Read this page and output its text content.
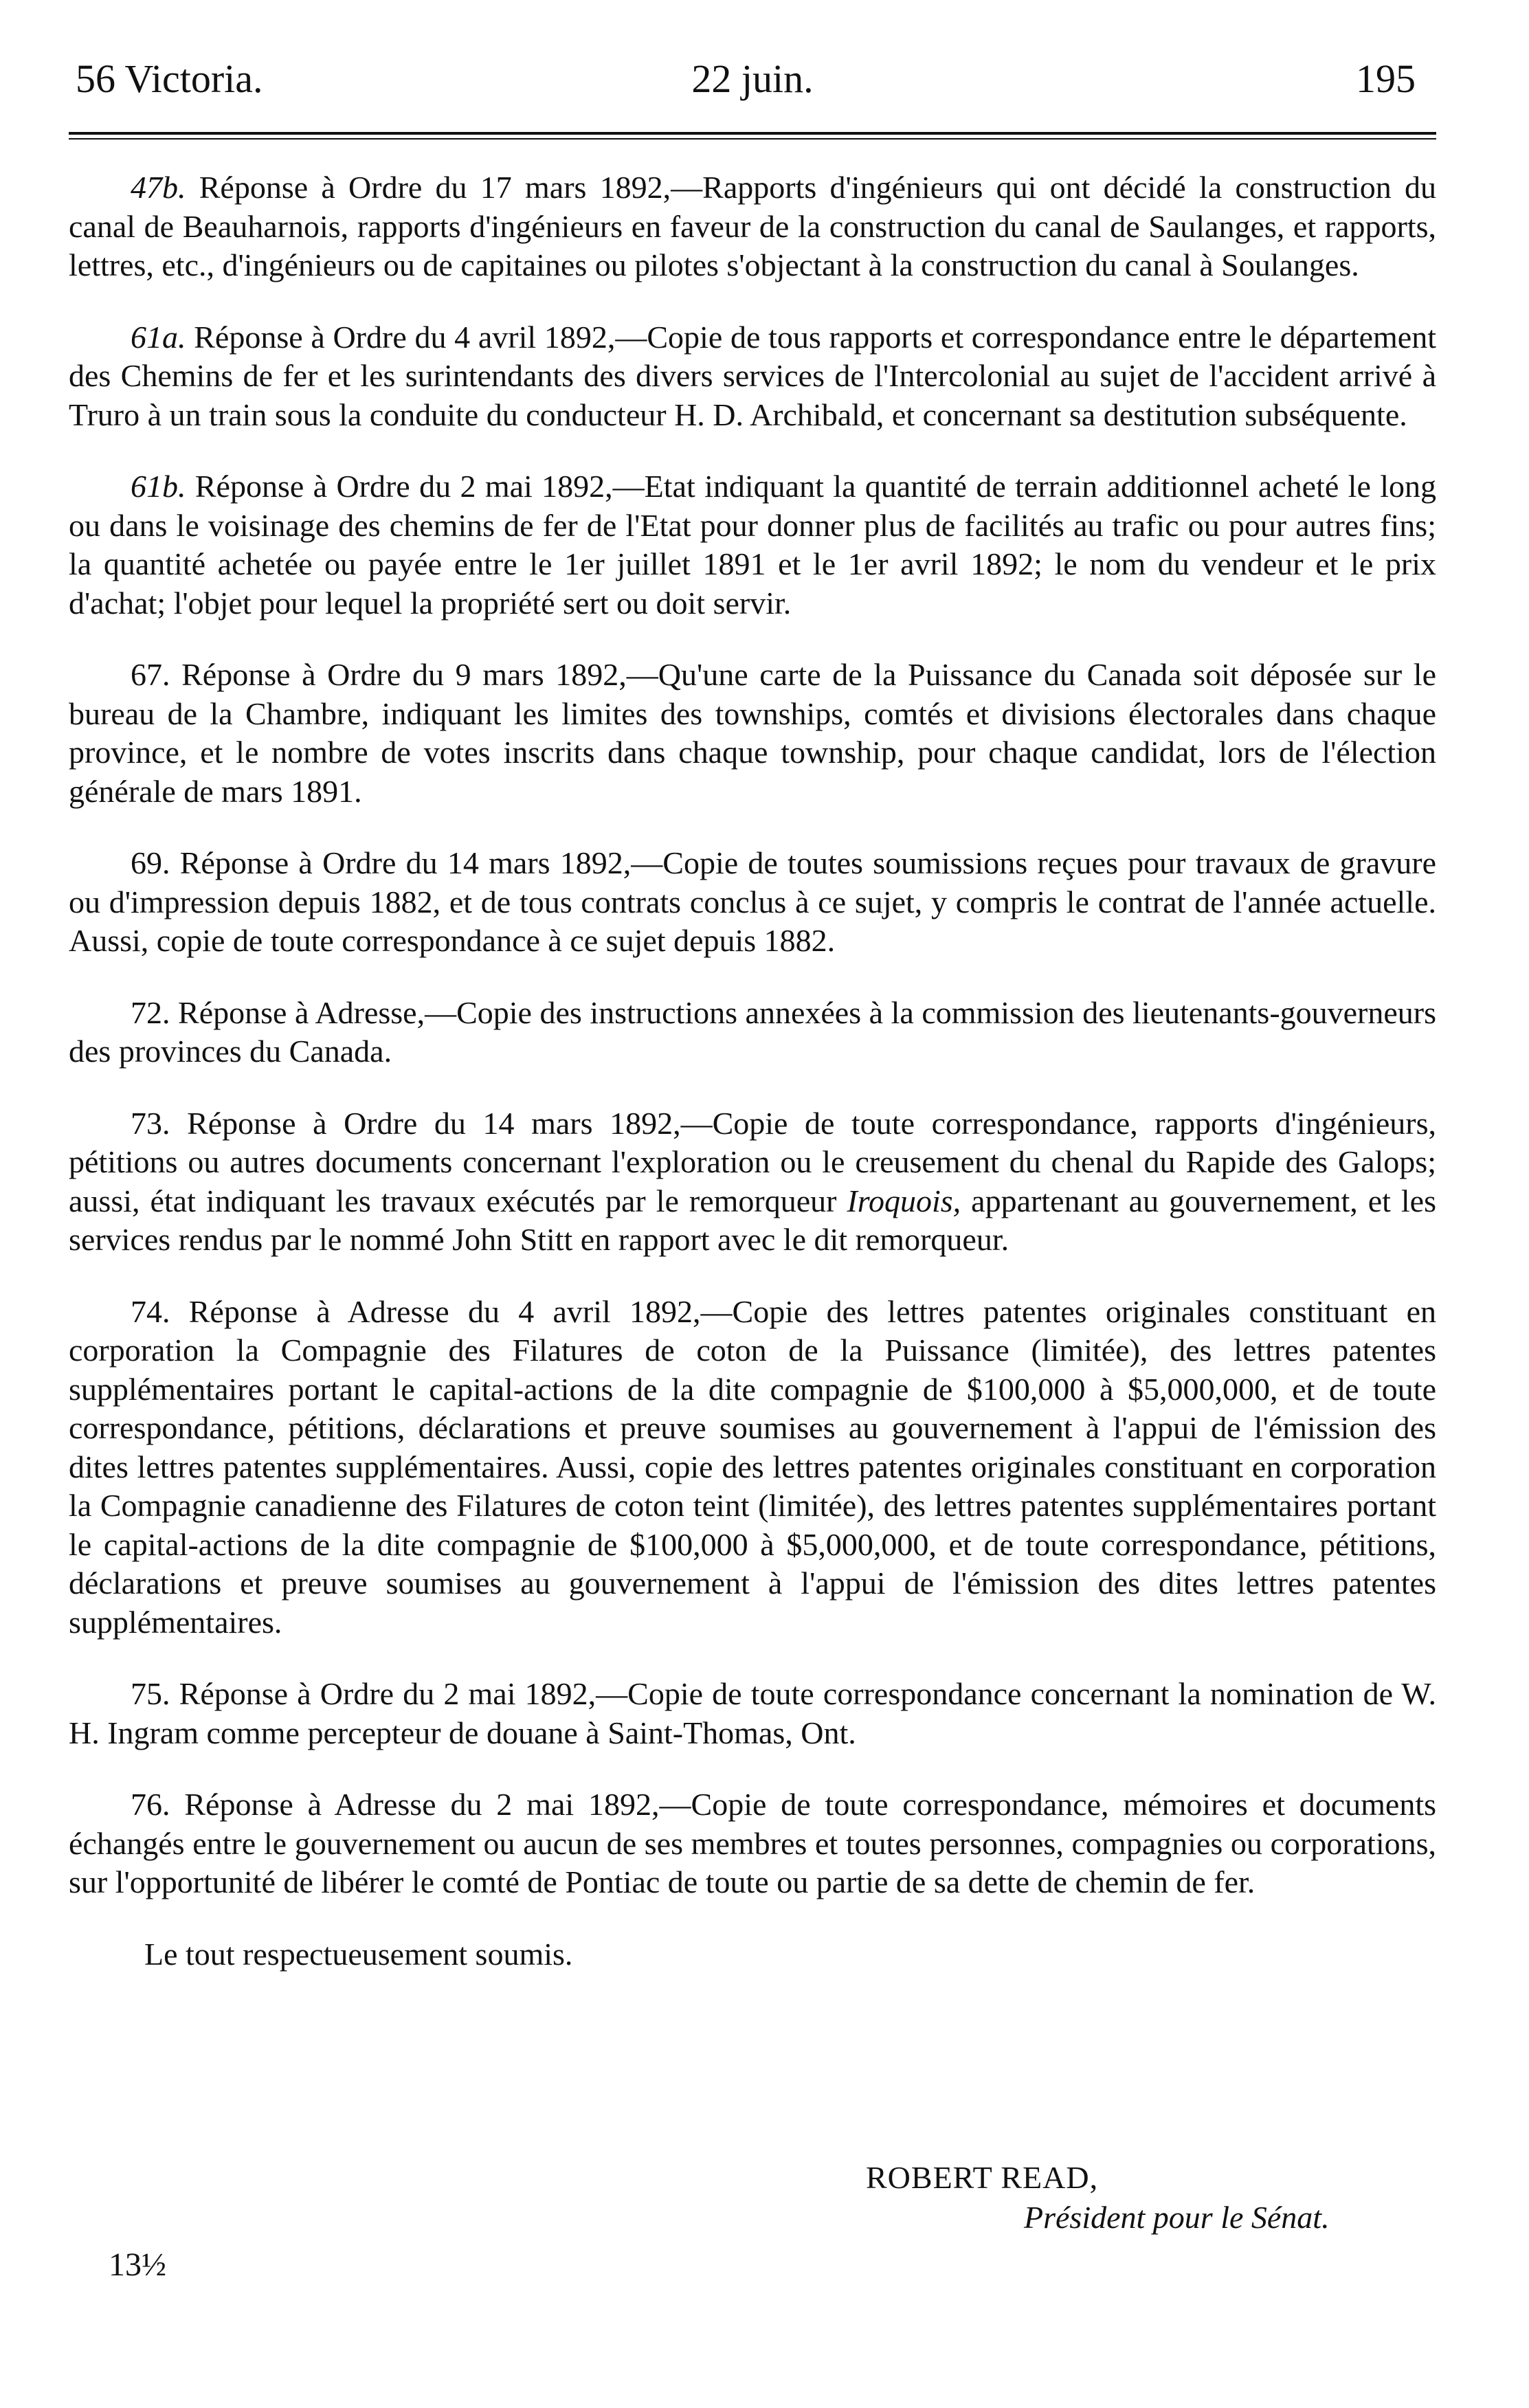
56 Victoria.	22 juin.	195

47b. Réponse à Ordre du 17 mars 1892,—Rapports d'ingénieurs qui ont décidé la construction du canal de Beauharnois, rapports d'ingénieurs en faveur de la construction du canal de Saulanges, et rapports, lettres, etc., d'ingénieurs ou de capitaines ou pilotes s'objectant à la construction du canal à Soulanges.

61a. Réponse à Ordre du 4 avril 1892,—Copie de tous rapports et correspondance entre le département des Chemins de fer et les surintendants des divers services de l'Intercolonial au sujet de l'accident arrivé à Truro à un train sous la conduite du conducteur H. D. Archibald, et concernant sa destitution subséquente.

61b. Réponse à Ordre du 2 mai 1892,—Etat indiquant la quantité de terrain additionnel acheté le long ou dans le voisinage des chemins de fer de l'Etat pour donner plus de facilités au trafic ou pour autres fins; la quantité achetée ou payée entre le 1er juillet 1891 et le 1er avril 1892; le nom du vendeur et le prix d'achat; l'objet pour lequel la propriété sert ou doit servir.

67. Réponse à Ordre du 9 mars 1892,—Qu'une carte de la Puissance du Canada soit déposée sur le bureau de la Chambre, indiquant les limites des townships, comtés et divisions électorales dans chaque province, et le nombre de votes inscrits dans chaque township, pour chaque candidat, lors de l'élection générale de mars 1891.

69. Réponse à Ordre du 14 mars 1892,—Copie de toutes soumissions reçues pour travaux de gravure ou d'impression depuis 1882, et de tous contrats conclus à ce sujet, y compris le contrat de l'année actuelle. Aussi, copie de toute correspondance à ce sujet depuis 1882.

72. Réponse à Adresse,—Copie des instructions annexées à la commission des lieutenants-gouverneurs des provinces du Canada.

73. Réponse à Ordre du 14 mars 1892,—Copie de toute correspondance, rapports d'ingénieurs, pétitions ou autres documents concernant l'exploration ou le creusement du chenal du Rapide des Galops; aussi, état indiquant les travaux exécutés par le remorqueur Iroquois, appartenant au gouvernement, et les services rendus par le nommé John Stitt en rapport avec le dit remorqueur.

74. Réponse à Adresse du 4 avril 1892,—Copie des lettres patentes originales constituant en corporation la Compagnie des Filatures de coton de la Puissance (limitée), des lettres patentes supplémentaires portant le capital-actions de la dite compagnie de $100,000 à $5,000,000, et de toute correspondance, pétitions, déclarations et preuve soumises au gouvernement à l'appui de l'émission des dites lettres patentes supplémentaires. Aussi, copie des lettres patentes originales constituant en corporation la Compagnie canadienne des Filatures de coton teint (limitée), des lettres patentes supplémentaires portant le capital-actions de la dite compagnie de $100,000 à $5,000,000, et de toute correspondance, pétitions, déclarations et preuve soumises au gouvernement à l'appui de l'émission des dites lettres patentes supplémentaires.

75. Réponse à Ordre du 2 mai 1892,—Copie de toute correspondance concernant la nomination de W. H. Ingram comme percepteur de douane à Saint-Thomas, Ont.

76. Réponse à Adresse du 2 mai 1892,—Copie de toute correspondance, mémoires et documents échangés entre le gouvernement ou aucun de ses membres et toutes personnes, compagnies ou corporations, sur l'opportunité de libérer le comté de Pontiac de toute ou partie de sa dette de chemin de fer.

Le tout respectueusement soumis.

ROBERT READ,
Président pour le Sénat.
13½
